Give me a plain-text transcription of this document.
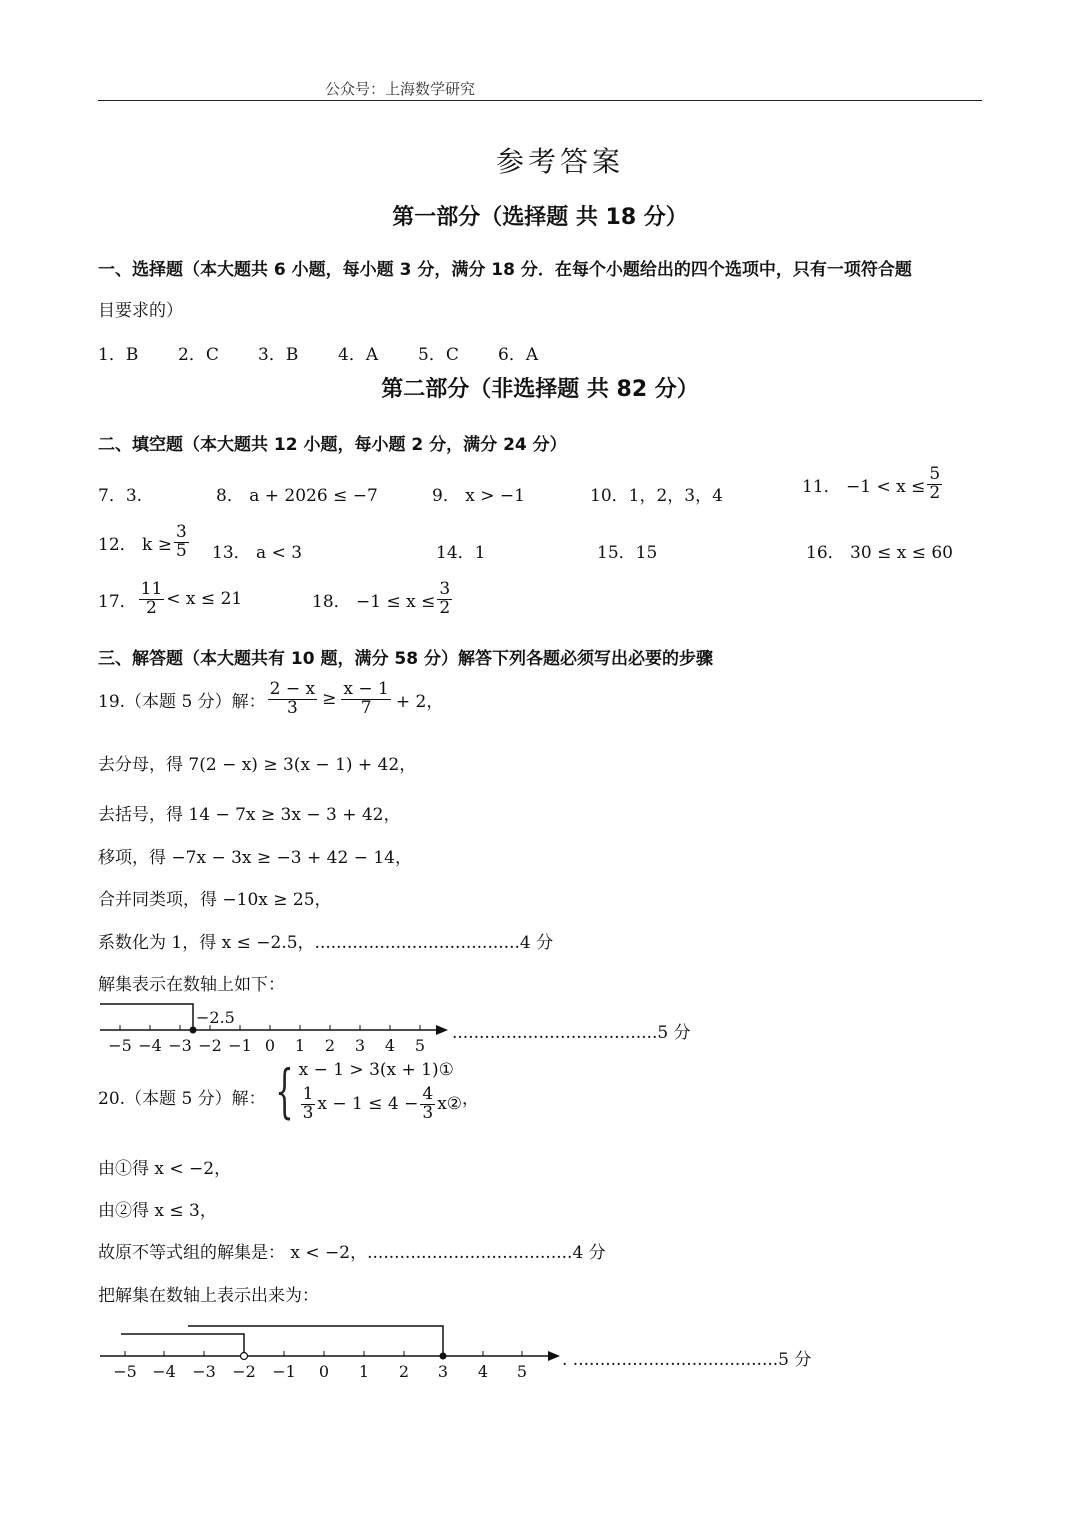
公众号：上海数学研究
参考答案
第一部分（选择题 共 18 分）
一、选择题（本大题共 6 小题，每小题 3 分，满分 18 分．在每个小题给出的四个选项中，只有一项符合题
目要求的）
1．B	2．C	3．B	4．A	5．C	6．A
第二部分（非选择题 共 82 分）
二、填空题（本大题共 12 小题，每小题 2 分，满分 24 分）
7．3.	8． a + 2026 ≤ −7	9． x > −1	10．1，2，3，4	11． $-1 < x \le \frac{5}{2}$
12． $k \ge \frac{3}{5} 13$． a < 3	14．1	15．15	16． 30 ≤ x ≤ 60
17． $\frac{11}{2} < x \le 21$	18． $-1 \le x \le \frac{3}{2}$
三、解答题（本大题共有 10 题，满分 58 分）解答下列各题必须写出必要的步骤
19.（本题 5 分）解： $\frac{2 - x}{3} \ge \frac{x - 1}{7} + 2$，
去分母，得 7(2 − x) ≥ 3(x − 1) + 42，
去括号，得 14 − 7x ≥ 3x − 3 + 42，
移项，得 −7x − 3x ≥ −3 + 42 − 14，
合并同类项，得 −10x ≥ 25，
系数化为 1，得 x ≤ −2.5，......................................4 分
解集表示在数轴上如下：
−2.5
−5 −4 −3 −2 −1 0 1 2 3 4 5
......................................5 分
20.（本题 5 分）解： { x − 1 > 3(x + 1)①
$\frac{1}{3}$ $x - 1 \le 4 - \frac{4}{3}$ x② ，
由①得 x < −2，
由②得 x ≤ 3，
故原不等式组的解集是： x < −2，......................................4 分
把解集在数轴上表示出来为：
−5 −4 −3 −2 −1 0 1 2 3 4 5
. ......................................5 分
